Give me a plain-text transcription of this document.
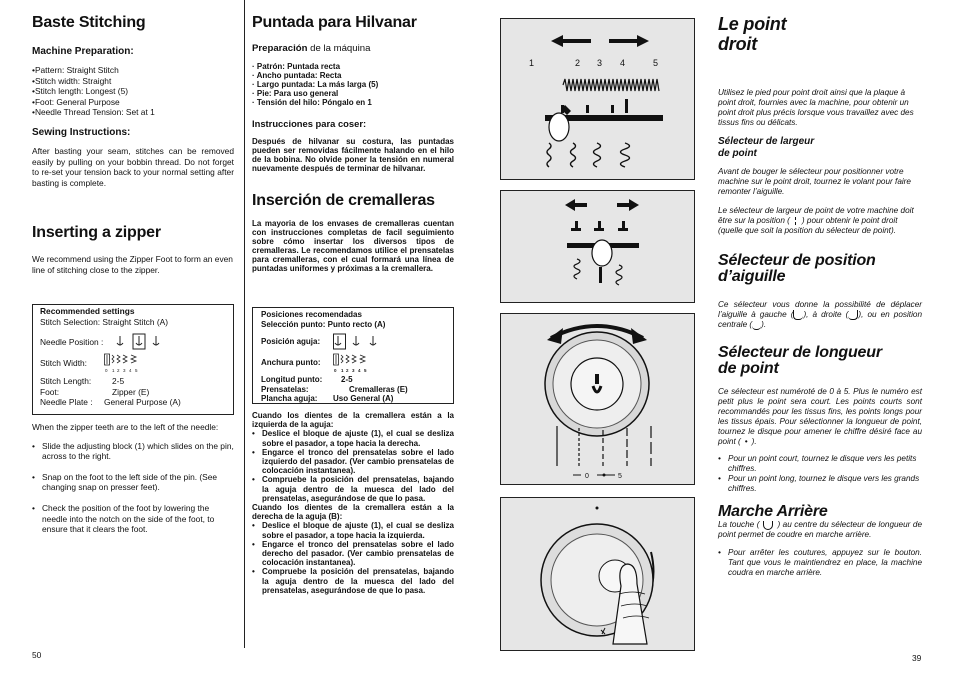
Baste Stitching
Machine Preparation:
• Pattern: Straight Stitch
• Stitch width: Straight
• Stitch length: Longest (5)
• Foot: General Purpose
• Needle Thread Tension: Set at 1
Sewing Instructions:

After basting your seam, stitches can be removed easily by pulling on your bobbin thread. Do not forget to re-set your tension back to your normal setting after basting is complete.

Inserting a zipper

We recommend using the Zipper Foot to form an even line of stitching close to the zipper.

Recommended settings
Stitch Selection: Straight Stitch (A)
Needle Position :
Stitch Width:
0 1 2 3 4 5
Stitch Length:	2-5
Foot:	Zipper (E)
Needle Plate :	General Purpose (A)

When the zipper teeth are to the left of the needle:

• Slide the adjusting block (1) which slides on the pin, across to the right.
• Snap on the foot to the left side of the pin. (See changing snap on presser feet).
• Check the position of the foot by lowering the needle into the notch on the side of the foot, to ensure that it clears the foot.
50
Puntada para Hilvanar
Preparación de la máquina
· Patrón: Puntada recta
· Ancho puntada: Recta
· Largo puntada: La más larga (5)
· Pie: Para uso general
· Tensión del hilo: Póngalo en 1
Instrucciones para coser:

Después de hilvanar su costura, las puntadas pueden ser removidas fácilmente halando en el hilo de la bobina. No olvide poner la tensión en numeral nuevamente después de terminar de hilvanar.

Inserción de cremalleras

La mayoria de los envases de cremalleras cuentan con instrucciones completas de facil seguimiento sobre cómo insertar los diversos tipos de cremalleras. Le recomendamos utilice el prensatelas para cremalleras, con el cual formará una línea de puntadas uniformes y próximas a la cremallera.

Posiciones recomendadas
Selección punto: Punto recto (A)
Posición aguja:
Anchura punto:
0 1 2 3 4 5
Longitud punto:	2-5
Prensatelas:	Cremalleras (E)
Plancha aguja:	Uso General (A)

Cuando los dientes de la cremallera están a la izquierda de la aguja:

• Deslice el bloque de ajuste (1), el cual se desliza sobre el pasador, a tope hacia la derecha.
• Engarce el tronco del prensatelas sobre el lado izquierdo del pasador. (Ver cambio prensatelas de colocación instantanea).
• Compruebe la posición del prensatelas, bajando la aguja dentro de la muesca del lado del prensatelas, asegurándose de que lo pasa.

Cuando los dientes de la cremallera están a la derecha de la aguja (B):

• Deslice el bloque de ajuste (1), el cual se desliza sobre el pasador, a tope hacia la izquierda.
• Engarce el tronco del prensatelas sobre el lado derecho del pasador. (Ver cambio prensatelas de colocación instantanea).
• Compruebe la posición del prensatelas, bajando la aguja dentro de la muesca del lado del prensatelas, asegurándose de que lo pasa.
1	2 3 4	5
0	5
Le point
droit

Utilisez le pied pour point droit ainsi que la plaque à point droit, fournies avec la machine, pour obtenir un point droit plus précis lorsque vous travaillez avec des tissus fins ou délicats.

Sélecteur de largeur
de point

Avant de bouger le sélecteur pour positionner votre machine sur le point droit, tournez le volant pour faire remonter l’aiguille.

Le sélecteur de largeur de point de votre machine doit être sur la position ( ) pour obtenir le point droit (quelle que soit la position du sélecteur de point).

Sélecteur de position
d’aiguille

Ce sélecteur vous donne la possibilité de déplacer l’aiguille à gauche ( ), à droite ( ), ou en position centrale ( ).

Sélecteur de longueur
de point

Ce sélecteur est numéroté de 0 à 5. Plus le numéro est petit plus le point sera court. Les points courts sont recommandés pour les tissus fins, les points longs pour les tissus épais. Pour sélectionner la longueur de point, tournez le disque pour amener le chiffre désiré face au point ( • ).

• Pour un point court, tournez le disque vers les petits chiffres.
• Pour un point long, tournez le disque vers les grands chiffres.
Marche Arrière

La touche ( ) au centre du sélecteur de longueur de point permet de coudre en marche arrière.

• Pour arrêter les coutures, appuyez sur le bouton. Tant que vous le maintiendrez en place, la machine coudra en marche arrière.
39
